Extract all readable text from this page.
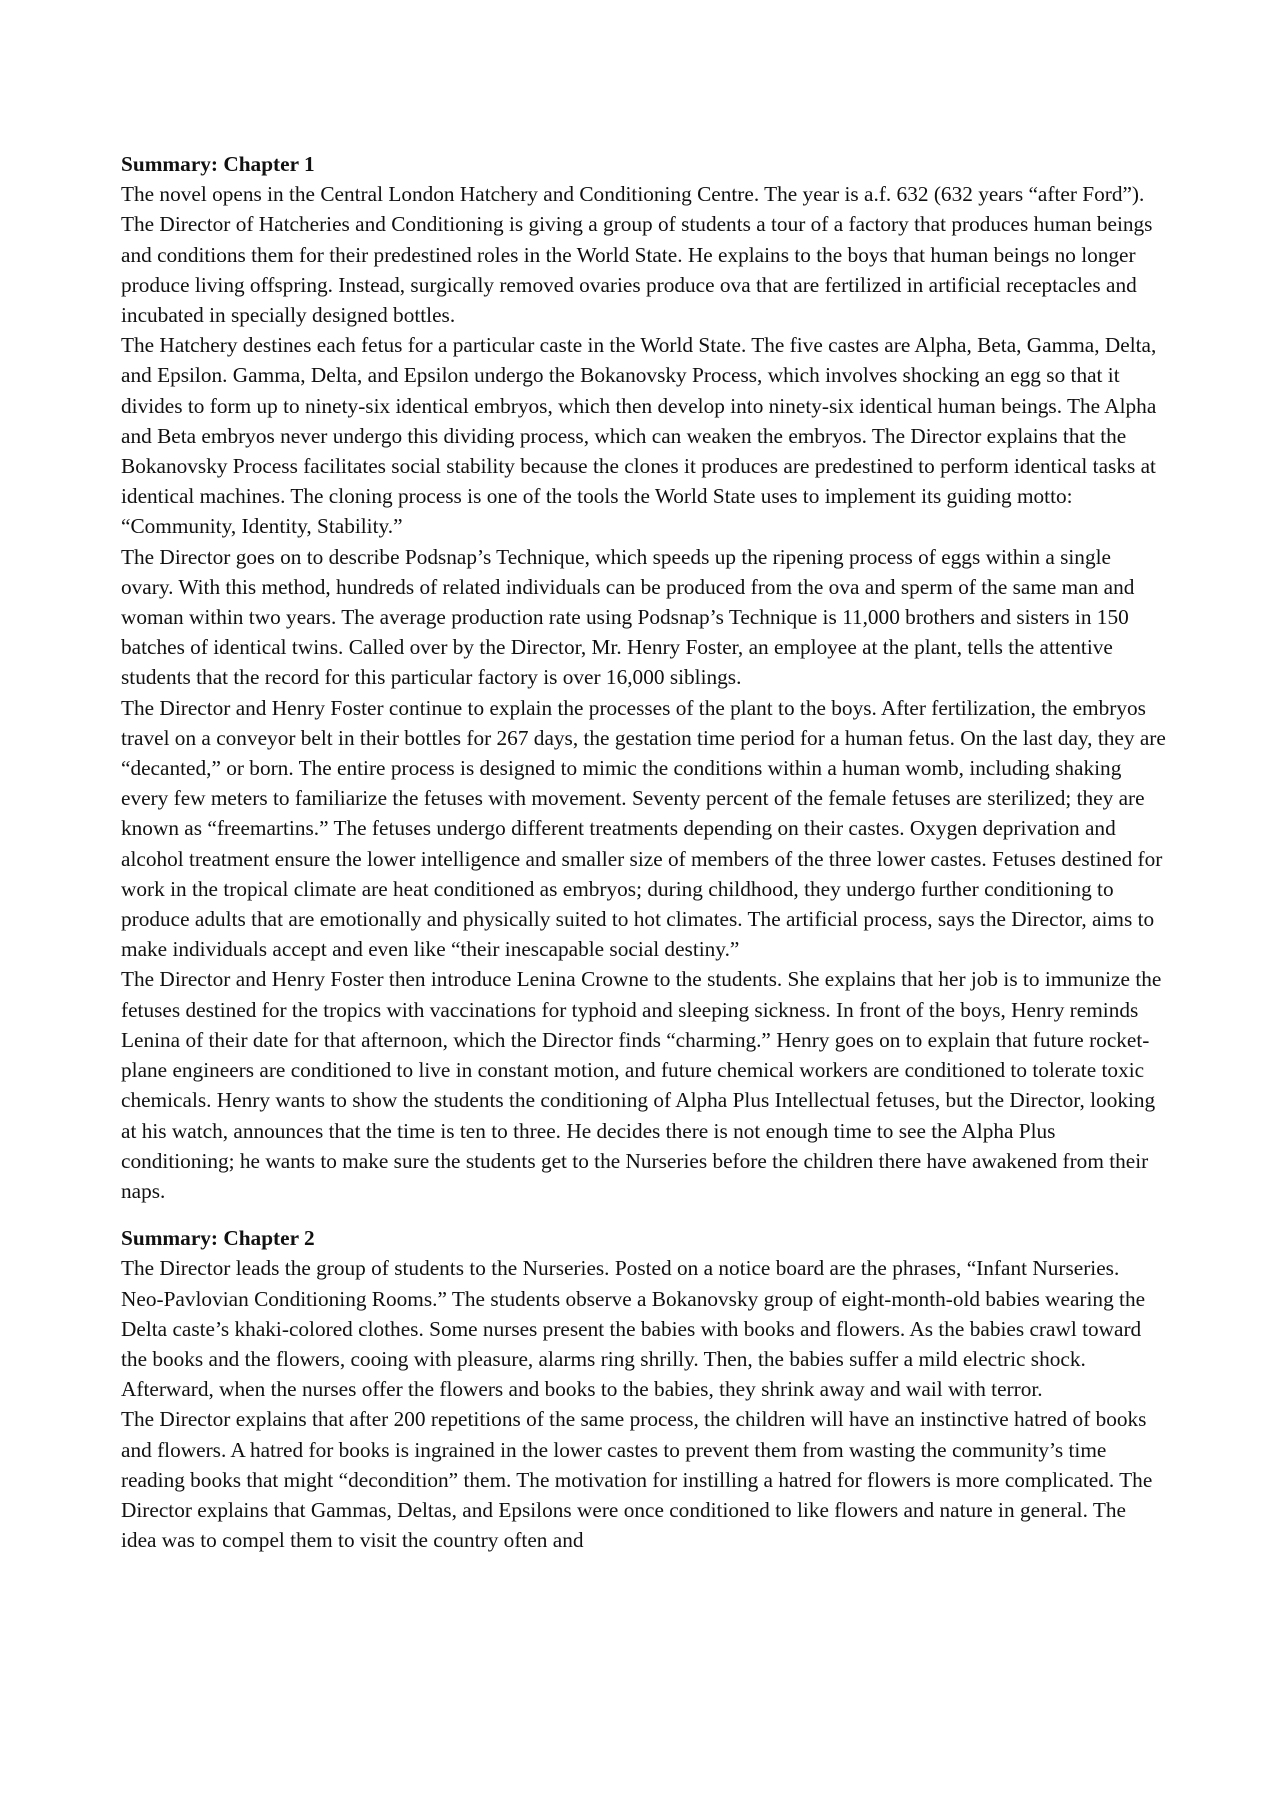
Summary: Chapter 1

The novel opens in the Central London Hatchery and Conditioning Centre. The year is a.f. 632 (632 years “after Ford”). The Director of Hatcheries and Conditioning is giving a group of students a tour of a factory that produces human beings and conditions them for their predestined roles in the World State. He explains to the boys that human beings no longer produce living offspring. Instead, surgically removed ovaries produce ova that are fertilized in artificial receptacles and incubated in specially designed bottles.

The Hatchery destines each fetus for a particular caste in the World State. The five castes are Alpha, Beta, Gamma, Delta, and Epsilon. Gamma, Delta, and Epsilon undergo the Bokanovsky Process, which involves shocking an egg so that it divides to form up to ninety-six identical embryos, which then develop into ninety-six identical human beings. The Alpha and Beta embryos never undergo this dividing process, which can weaken the embryos. The Director explains that the Bokanovsky Process facilitates social stability because the clones it produces are predestined to perform identical tasks at identical machines. The cloning process is one of the tools the World State uses to implement its guiding motto: “Community, Identity, Stability.”

The Director goes on to describe Podsnap’s Technique, which speeds up the ripening process of eggs within a single ovary. With this method, hundreds of related individuals can be produced from the ova and sperm of the same man and woman within two years. The average production rate using Podsnap’s Technique is 11,000 brothers and sisters in 150 batches of identical twins. Called over by the Director, Mr. Henry Foster, an employee at the plant, tells the attentive students that the record for this particular factory is over 16,000 siblings.

The Director and Henry Foster continue to explain the processes of the plant to the boys. After fertilization, the embryos travel on a conveyor belt in their bottles for 267 days, the gestation time period for a human fetus. On the last day, they are “decanted,” or born. The entire process is designed to mimic the conditions within a human womb, including shaking every few meters to familiarize the fetuses with movement. Seventy percent of the female fetuses are sterilized; they are known as “freemartins.” The fetuses undergo different treatments depending on their castes. Oxygen deprivation and alcohol treatment ensure the lower intelligence and smaller size of members of the three lower castes. Fetuses destined for work in the tropical climate are heat conditioned as embryos; during childhood, they undergo further conditioning to produce adults that are emotionally and physically suited to hot climates. The artificial process, says the Director, aims to make individuals accept and even like “their inescapable social destiny.”

The Director and Henry Foster then introduce Lenina Crowne to the students. She explains that her job is to immunize the fetuses destined for the tropics with vaccinations for typhoid and sleeping sickness. In front of the boys, Henry reminds Lenina of their date for that afternoon, which the Director finds “charming.” Henry goes on to explain that future rocket-plane engineers are conditioned to live in constant motion, and future chemical workers are conditioned to tolerate toxic chemicals. Henry wants to show the students the conditioning of Alpha Plus Intellectual fetuses, but the Director, looking at his watch, announces that the time is ten to three. He decides there is not enough time to see the Alpha Plus conditioning; he wants to make sure the students get to the Nurseries before the children there have awakened from their naps.

Summary: Chapter 2

The Director leads the group of students to the Nurseries. Posted on a notice board are the phrases, “Infant Nurseries. Neo-Pavlovian Conditioning Rooms.” The students observe a Bokanovsky group of eight-month-old babies wearing the Delta caste’s khaki-colored clothes. Some nurses present the babies with books and flowers. As the babies crawl toward the books and the flowers, cooing with pleasure, alarms ring shrilly. Then, the babies suffer a mild electric shock. Afterward, when the nurses offer the flowers and books to the babies, they shrink away and wail with terror.

The Director explains that after 200 repetitions of the same process, the children will have an instinctive hatred of books and flowers. A hatred for books is ingrained in the lower castes to prevent them from wasting the community’s time reading books that might “decondition” them. The motivation for instilling a hatred for flowers is more complicated. The Director explains that Gammas, Deltas, and Epsilons were once conditioned to like flowers and nature in general. The idea was to compel them to visit the country often and
